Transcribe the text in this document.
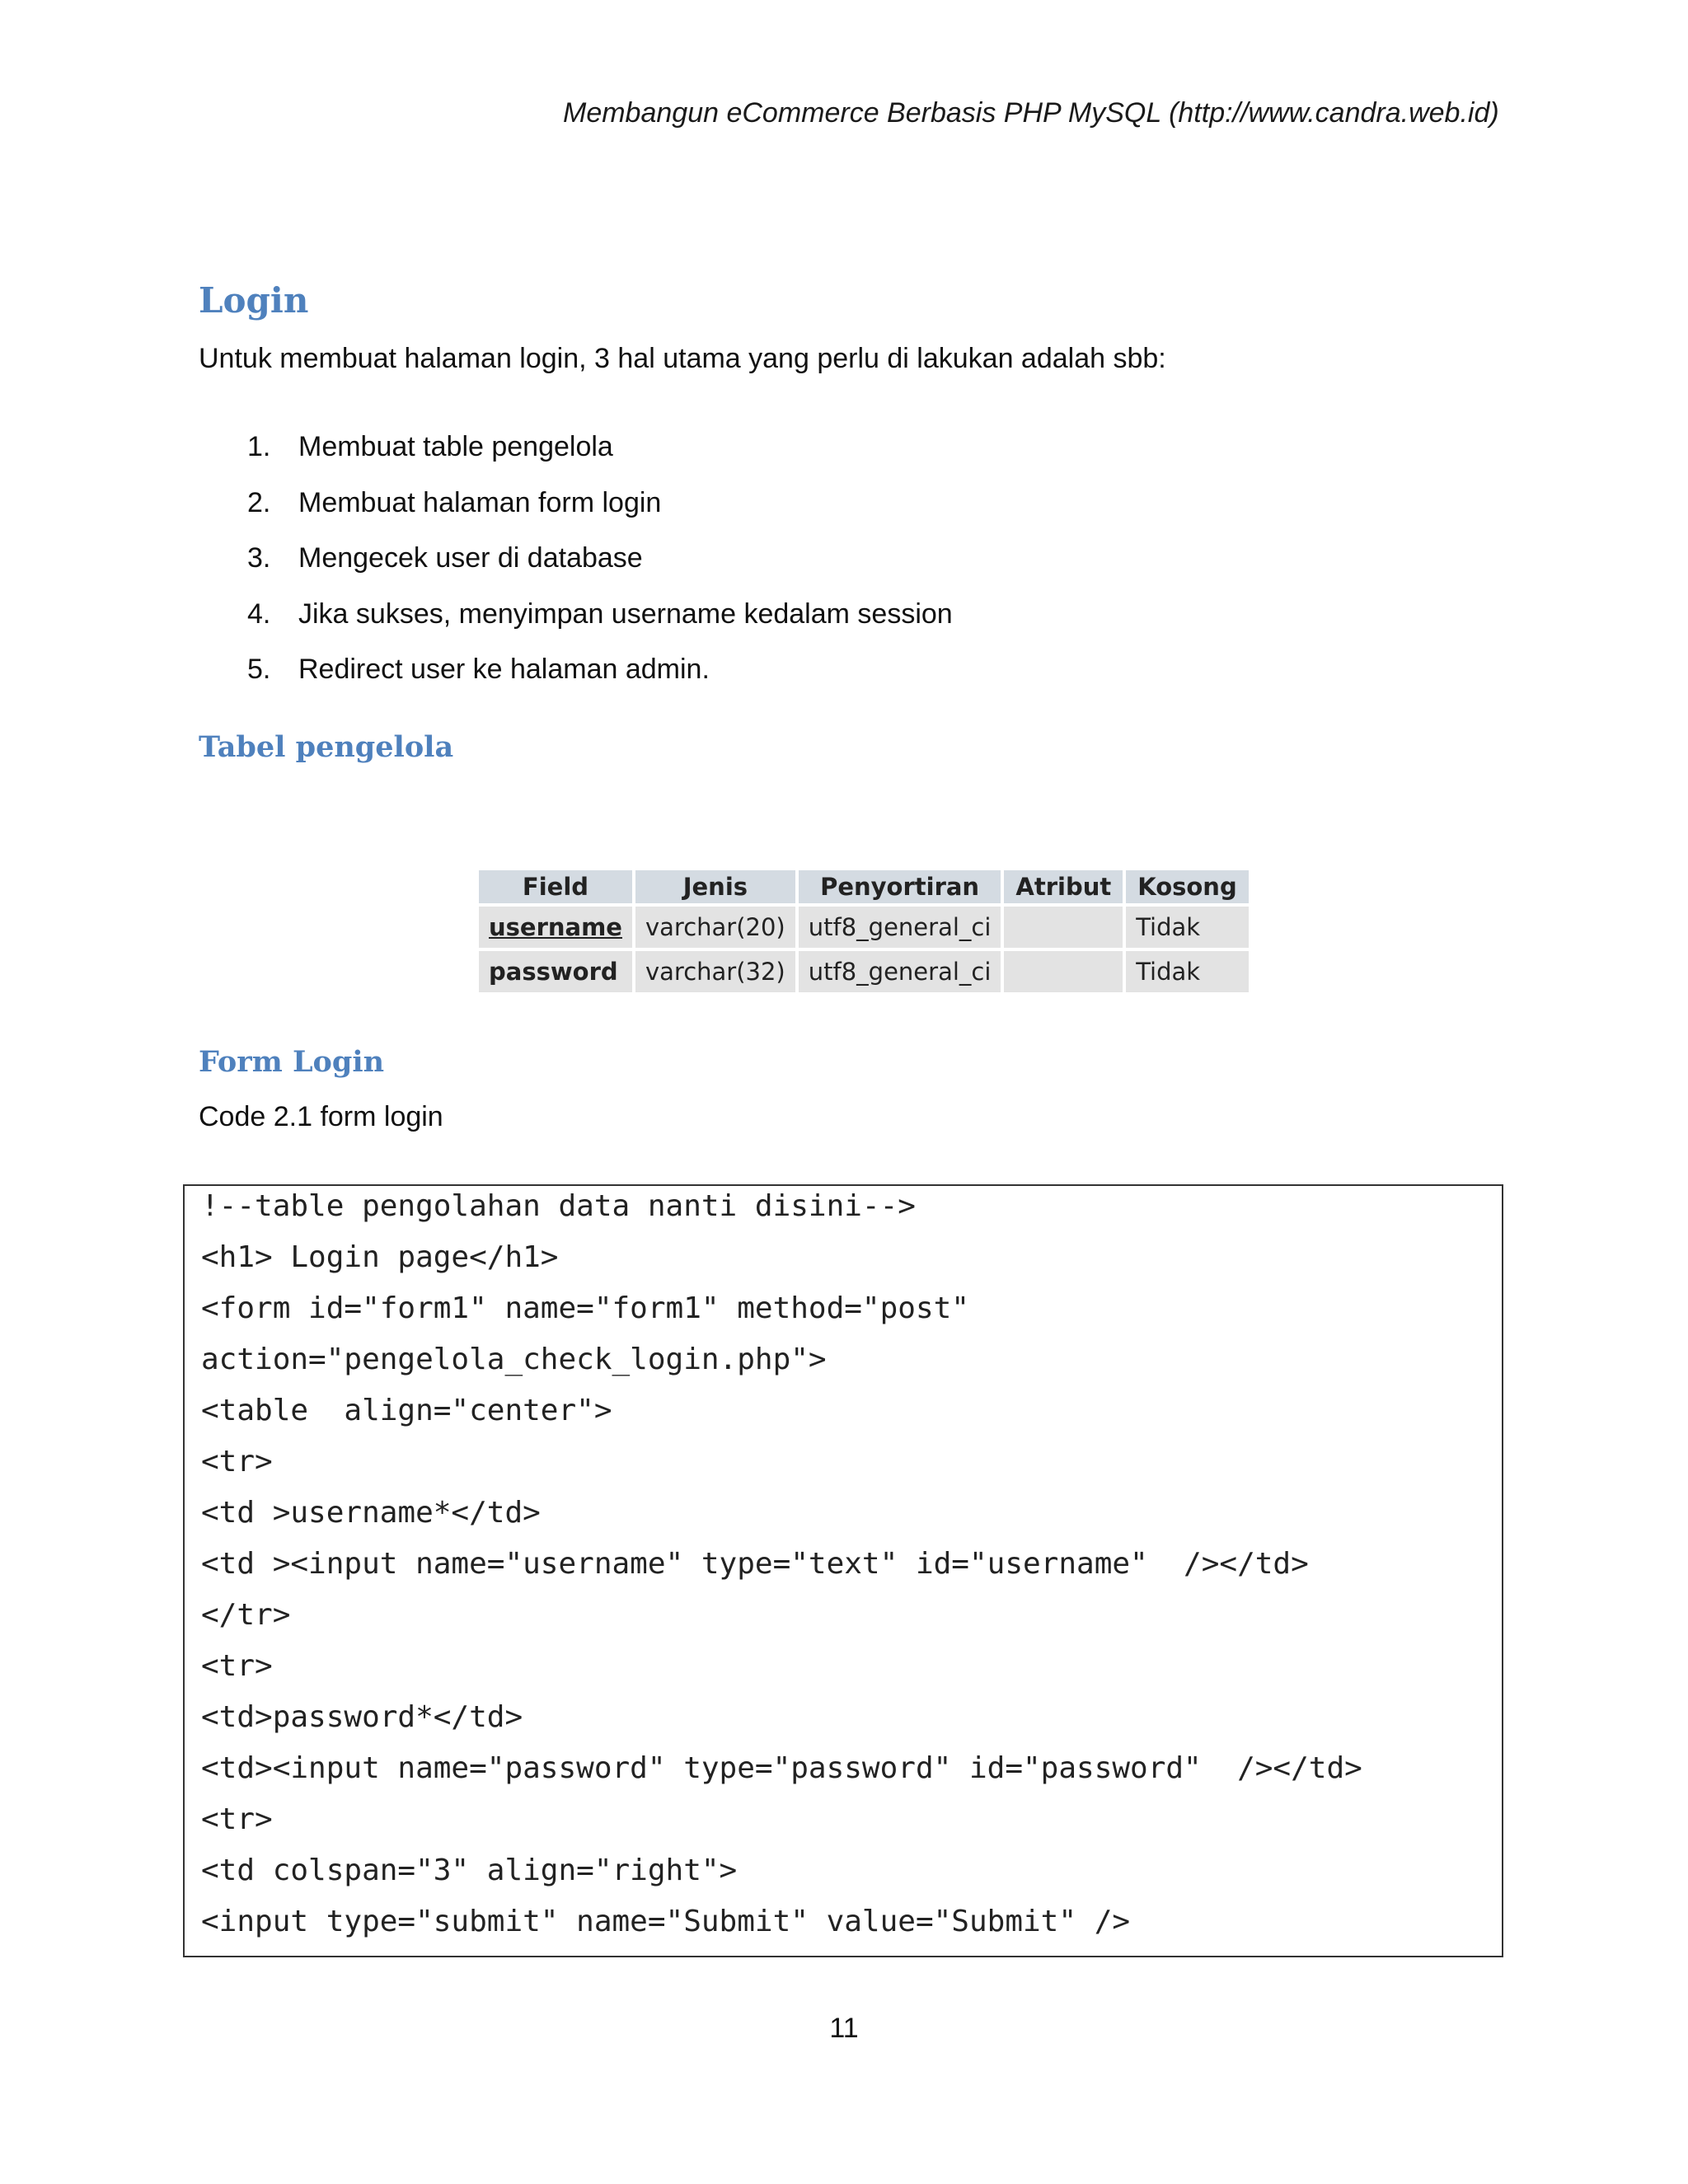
Membangun eCommerce Berbasis PHP MySQL (http://www.candra.web.id)
Login
Untuk membuat halaman login, 3 hal utama yang perlu di lakukan adalah sbb:
1. Membuat table pengelola
2. Membuat halaman form login
3. Mengecek user di database
4. Jika sukses, menyimpan username kedalam session
5. Redirect user ke halaman admin.
Tabel pengelola
Field	Jenis	Penyortiran	Atribut	Kosong
username	varchar(20)	utf8_general_ci		Tidak
password	varchar(32)	utf8_general_ci		Tidak
Form Login
Code 2.1 form login
!--table pengolahan data nanti disini-->
<h1> Login page</h1>
<form id="form1" name="form1" method="post"
action="pengelola_check_login.php">
<table  align="center">
<tr>
<td >username*</td>
<td ><input name="username" type="text" id="username"  /></td>
</tr>
<tr>
<td>password*</td>
<td><input name="password" type="password" id="password"  /></td>
<tr>
<td colspan="3" align="right">
<input type="submit" name="Submit" value="Submit" />
11
